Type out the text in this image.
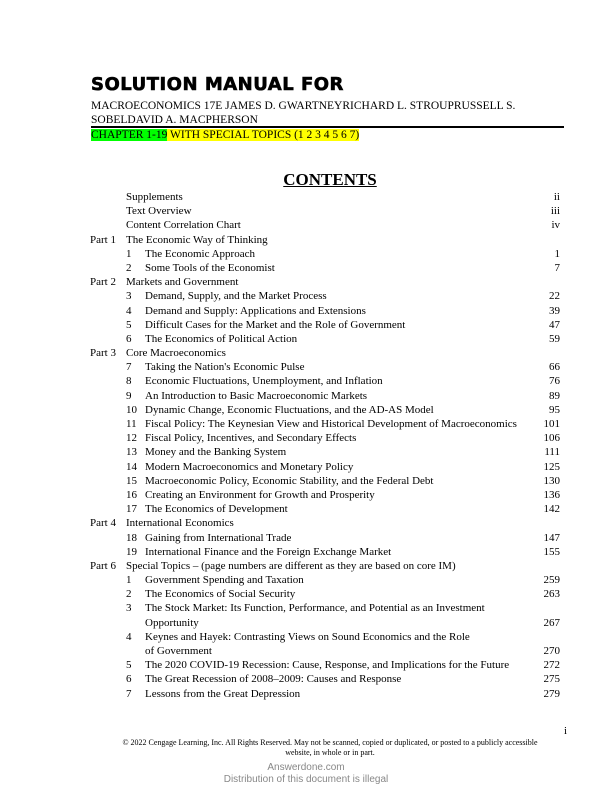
SOLUTION MANUAL FOR
MACROECONOMICS 17E JAMES D. GWARTNEYRICHARD L. STROUPRUSSELL S.
SOBELDAVID A. MACPHERSON
CHAPTER 1-19 WITH SPECIAL TOPICS (1 2 3 4 5 6 7)
CONTENTS
Supplements	ii
Text Overview	iii
Content Correlation Chart	iv
Part 1 The Economic Way of Thinking
1 The Economic Approach	1
2 Some Tools of the Economist	7
Part 2 Markets and Government
3 Demand, Supply, and the Market Process	22
4 Demand and Supply: Applications and Extensions	39
5 Difficult Cases for the Market and the Role of Government	47
6 The Economics of Political Action	59
Part 3 Core Macroeconomics
7 Taking the Nation's Economic Pulse	66
8 Economic Fluctuations, Unemployment, and Inflation	76
9 An Introduction to Basic Macroeconomic Markets	89
10 Dynamic Change, Economic Fluctuations, and the AD-AS Model	95
11 Fiscal Policy: The Keynesian View and Historical Development of Macroeconomics	101
12 Fiscal Policy, Incentives, and Secondary Effects	106
13 Money and the Banking System	111
14 Modern Macroeconomics and Monetary Policy	125
15 Macroeconomic Policy, Economic Stability, and the Federal Debt	130
16 Creating an Environment for Growth and Prosperity	136
17 The Economics of Development	142
Part 4 International Economics
18 Gaining from International Trade	147
19 International Finance and the Foreign Exchange Market	155
Part 6 Special Topics – (page numbers are different as they are based on core IM)
1 Government Spending and Taxation	259
2 The Economics of Social Security	263
3 The Stock Market: Its Function, Performance, and Potential as an Investment
Opportunity	267
4 Keynes and Hayek: Contrasting Views on Sound Economics and the Role
of Government	270
5 The 2020 COVID-19 Recession: Cause, Response, and Implications for the Future	272
6 The Great Recession of 2008–2009: Causes and Response	275
7 Lessons from the Great Depression	279
i
© 2022 Cengage Learning, Inc. All Rights Reserved. May not be scanned, copied or duplicated, or posted to a publicly accessible
website, in whole or in part.
Answerdone.com
Distribution of this document is illegal
